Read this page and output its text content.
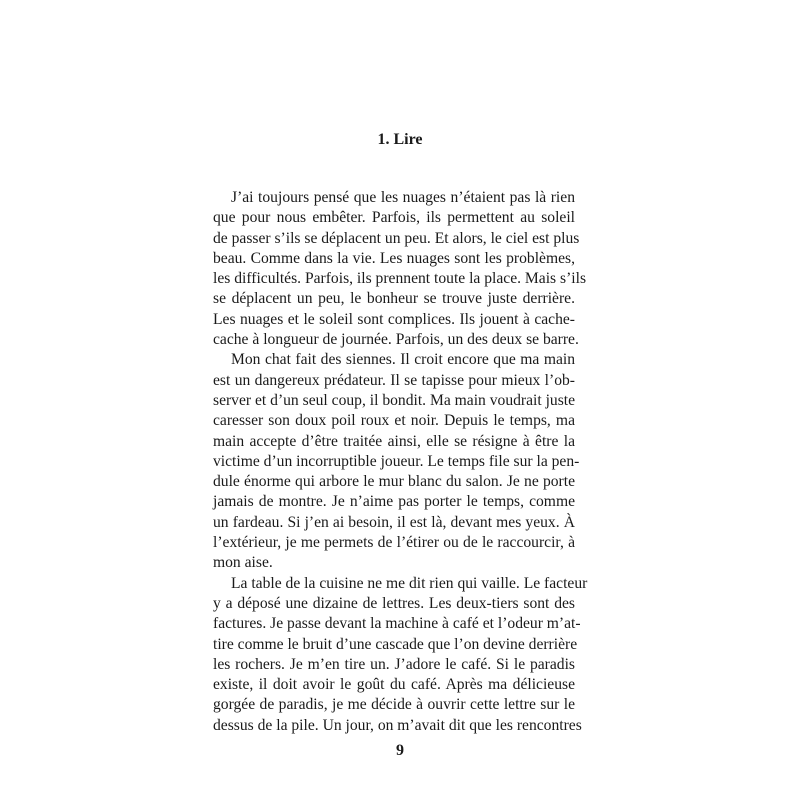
1. Lire
J’ai toujours pensé que les nuages n’étaient pas là rien
que pour nous embêter. Parfois, ils permettent au soleil
de passer s’ils se déplacent un peu. Et alors, le ciel est plus
beau. Comme dans la vie. Les nuages sont les problèmes,
les difficultés. Parfois, ils prennent toute la place. Mais s’ils
se déplacent un peu, le bonheur se trouve juste derrière.
Les nuages et le soleil sont complices. Ils jouent à cache-
cache à longueur de journée. Parfois, un des deux se barre.
Mon chat fait des siennes. Il croit encore que ma main
est un dangereux prédateur. Il se tapisse pour mieux l’ob-
server et d’un seul coup, il bondit. Ma main voudrait juste
caresser son doux poil roux et noir. Depuis le temps, ma
main accepte d’être traitée ainsi, elle se résigne à être la
victime d’un incorruptible joueur. Le temps file sur la pen-
dule énorme qui arbore le mur blanc du salon. Je ne porte
jamais de montre. Je n’aime pas porter le temps, comme
un fardeau. Si j’en ai besoin, il est là, devant mes yeux. À
l’extérieur, je me permets de l’étirer ou de le raccourcir, à
mon aise.
La table de la cuisine ne me dit rien qui vaille. Le facteur
y a déposé une dizaine de lettres. Les deux-tiers sont des
factures. Je passe devant la machine à café et l’odeur m’at-
tire comme le bruit d’une cascade que l’on devine derrière
les rochers. Je m’en tire un. J’adore le café. Si le paradis
existe, il doit avoir le goût du café. Après ma délicieuse
gorgée de paradis, je me décide à ouvrir cette lettre sur le
dessus de la pile. Un jour, on m’avait dit que les rencontres
9
